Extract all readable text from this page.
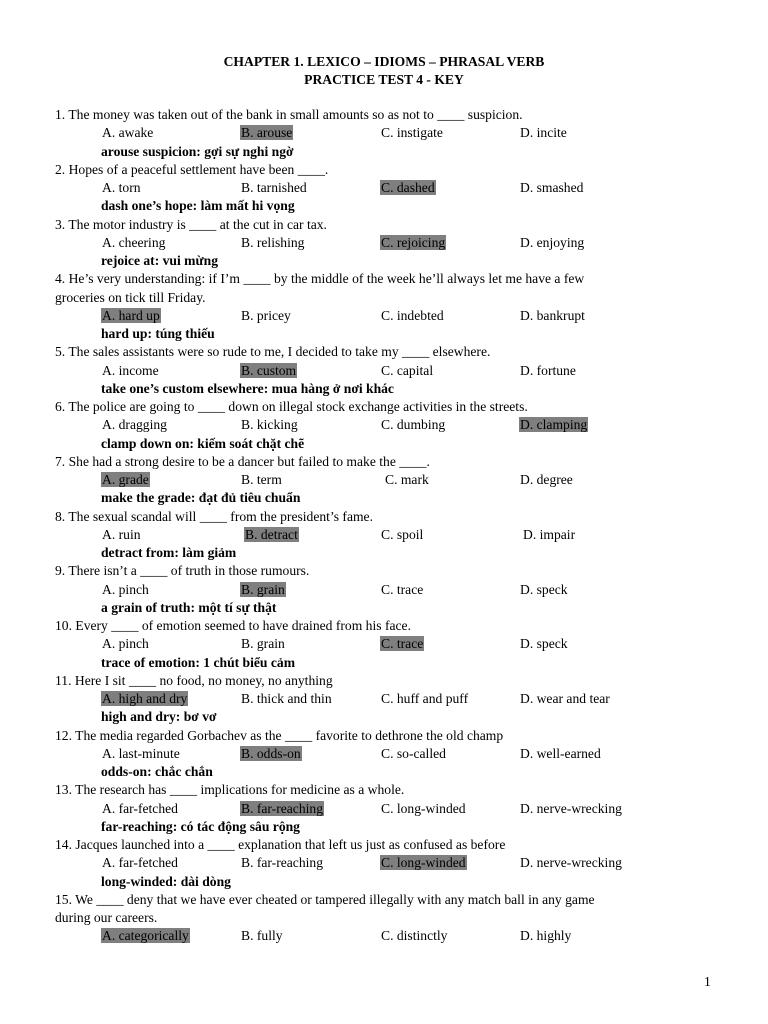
CHAPTER 1. LEXICO – IDIOMS – PHRASAL VERB
PRACTICE TEST 4 - KEY
1. The money was taken out of the bank in small amounts so as not to ____ suspicion.
A. awake	B. arouse	C. instigate	D. incite
arouse suspicion: gợi sự nghi ngờ
2. Hopes of a peaceful settlement have been ____.
A. torn	B. tarnished	C. dashed	D. smashed
dash one’s hope: làm mất hi vọng
3. The motor industry is ____ at the cut in car tax.
A. cheering	B. relishing	C. rejoicing	D. enjoying
rejoice at: vui mừng
4. He’s very understanding: if I’m ____ by the middle of the week he’ll always let me have a few
groceries on tick till Friday.
A. hard up	B. pricey	C. indebted	D. bankrupt
hard up: túng thiếu
5. The sales assistants were so rude to me, I decided to take my ____ elsewhere.
A. income	B. custom	C. capital	D. fortune
take one’s custom elsewhere: mua hàng ở nơi khác
6. The police are going to ____ down on illegal stock exchange activities in the streets.
A. dragging	B. kicking	C. dumbing	D. clamping
clamp down on: kiếm soát chặt chẽ
7. She had a strong desire to be a dancer but failed to make the ____.
A. grade	B. term	C. mark	D. degree
make the grade: đạt đủ tiêu chuẩn
8. The sexual scandal will ____ from the president’s fame.
A. ruin	B. detract	C. spoil	D. impair
detract from: làm giảm
9. There isn’t a ____ of truth in those rumours.
A. pinch	B. grain	C. trace	D. speck
a grain of truth: một tí sự thật
10. Every ____ of emotion seemed to have drained from his face.
A. pinch	B. grain	C. trace	D. speck
trace of emotion: 1 chút biểu cảm
11. Here I sit ____ no food, no money, no anything
A. high and dry	B. thick and thin	C. huff and puff	D. wear and tear
high and dry: bơ vơ
12. The media regarded Gorbachev as the ____ favorite to dethrone the old champ
A. last-minute	B. odds-on	C. so-called	D. well-earned
odds-on: chắc chắn
13. The research has ____ implications for medicine as a whole.
A. far-fetched	B. far-reaching	C. long-winded	D. nerve-wrecking
far-reaching: có tác động sâu rộng
14. Jacques launched into a ____ explanation that left us just as confused as before
A. far-fetched	B. far-reaching	C. long-winded	D. nerve-wrecking
long-winded: dài dòng
15. We ____ deny that we have ever cheated or tampered illegally with any match ball in any game
during our careers.
A. categorically	B. fully	C. distinctly	D. highly
1
